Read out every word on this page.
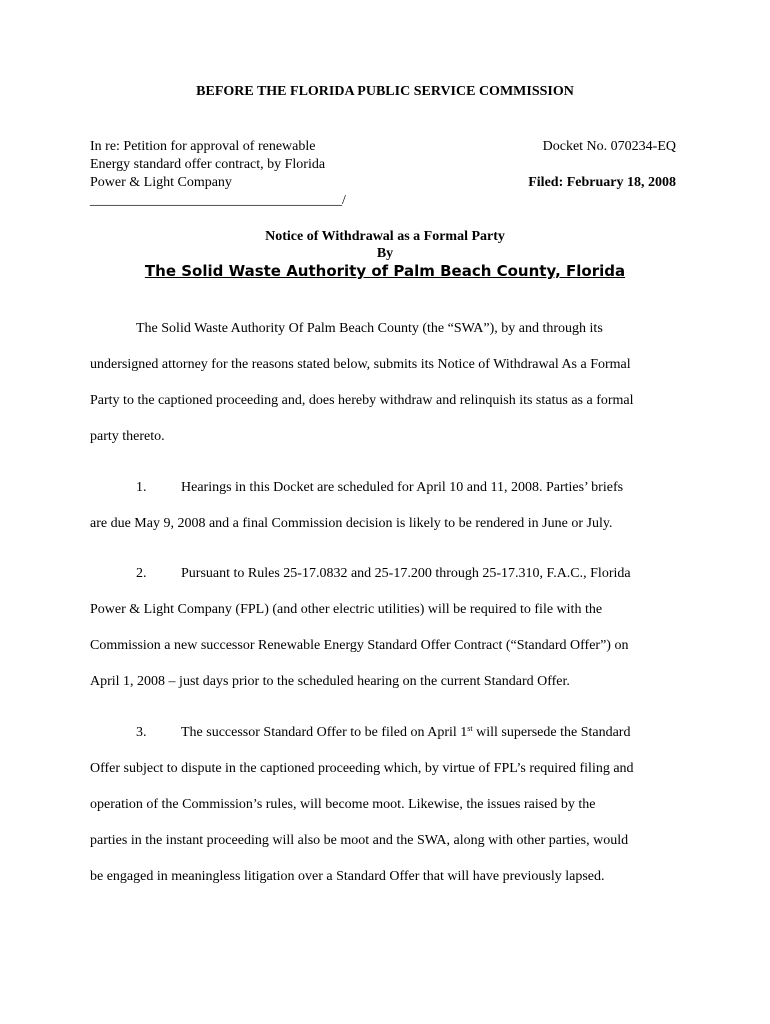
BEFORE THE FLORIDA PUBLIC SERVICE COMMISSION
In re: Petition for approval of renewable
Energy standard offer contract, by Florida
Power & Light Company
____________________________________/
Docket No. 070234-EQ
Filed: February 18, 2008
Notice of Withdrawal as a Formal Party
By
The Solid Waste Authority of Palm Beach County, Florida
The Solid Waste Authority Of Palm Beach County (the “SWA”), by and through its
undersigned attorney for the reasons stated below, submits its Notice of Withdrawal As a Formal
Party to the captioned proceeding and, does hereby withdraw and relinquish its status as a formal
party thereto.
1. Hearings in this Docket are scheduled for April 10 and 11, 2008. Parties’ briefs
are due May 9, 2008 and a final Commission decision is likely to be rendered in June or July.
2. Pursuant to Rules 25-17.0832 and 25-17.200 through 25-17.310, F.A.C., Florida
Power & Light Company (FPL) (and other electric utilities) will be required to file with the
Commission a new successor Renewable Energy Standard Offer Contract (“Standard Offer”) on
April 1, 2008 – just days prior to the scheduled hearing on the current Standard Offer.
3. The successor Standard Offer to be filed on April 1st will supersede the Standard
Offer subject to dispute in the captioned proceeding which, by virtue of FPL’s required filing and
operation of the Commission’s rules, will become moot. Likewise, the issues raised by the
parties in the instant proceeding will also be moot and the SWA, along with other parties, would
be engaged in meaningless litigation over a Standard Offer that will have previously lapsed.
